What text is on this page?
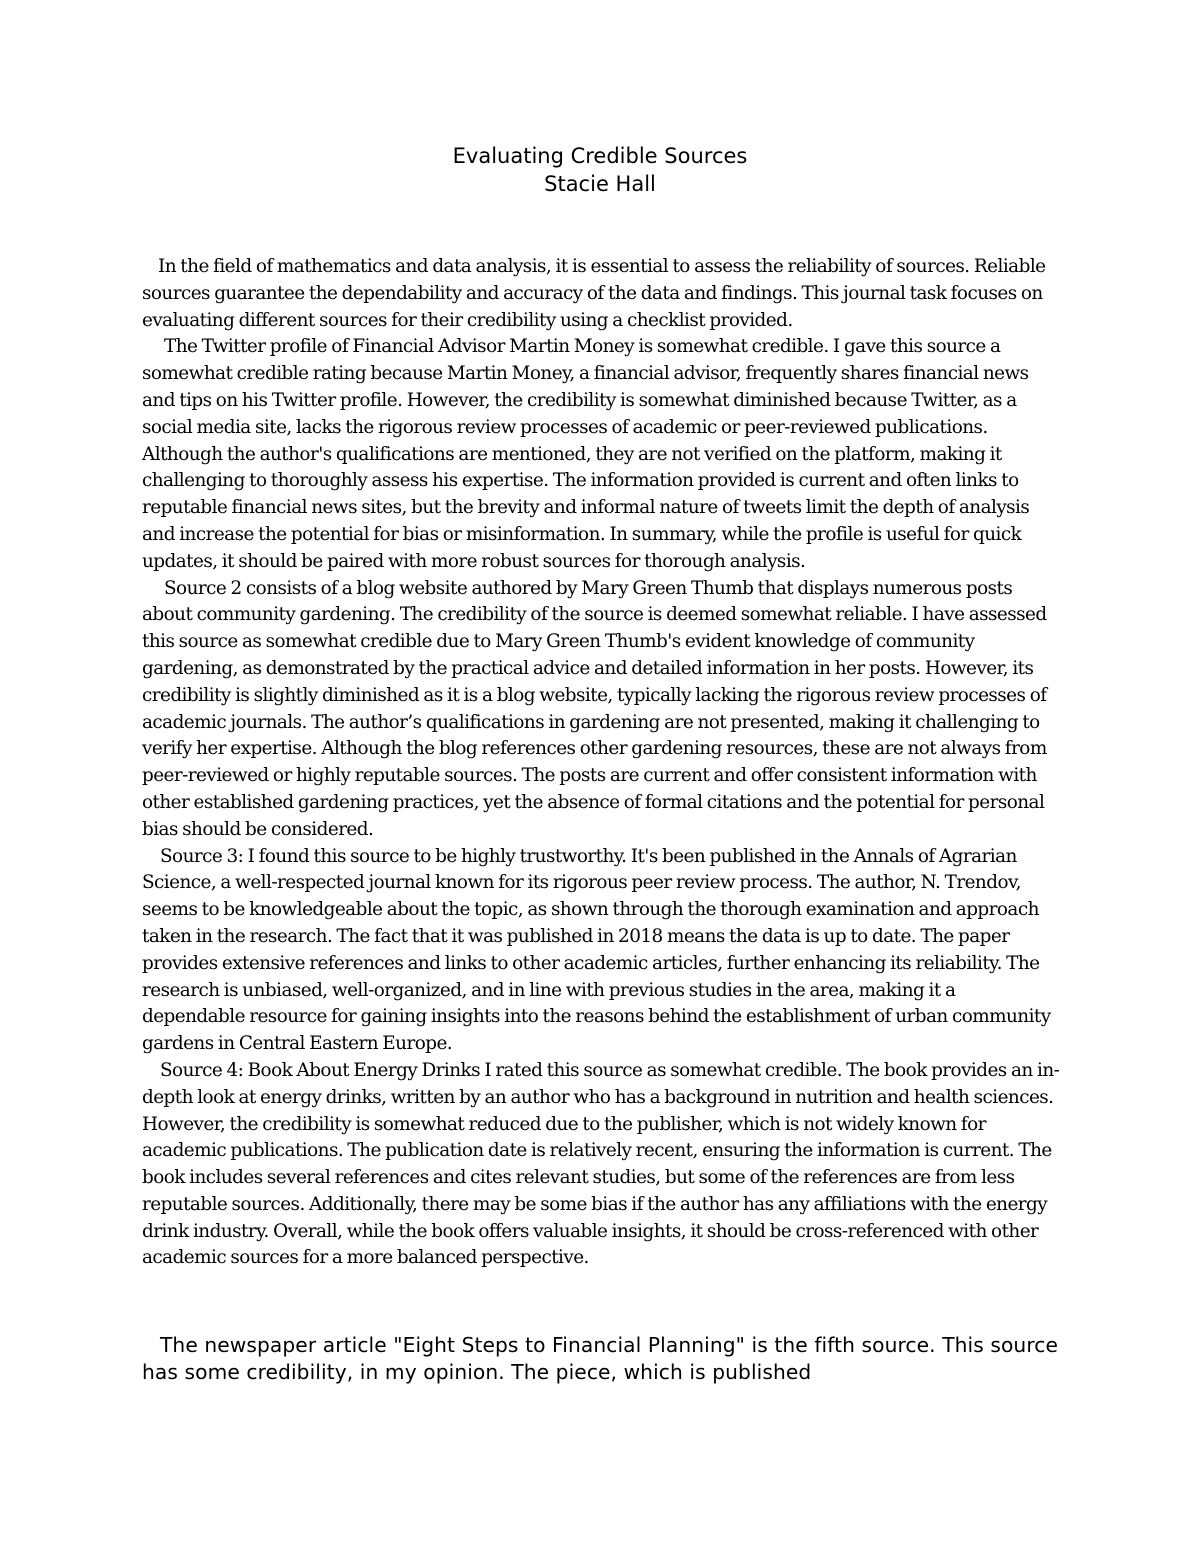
Evaluating Credible Sources
Stacie Hall

In the field of mathematics and data analysis, it is essential to assess the reliability of sources. Reliable sources guarantee the dependability and accuracy of the data and findings. This journal task focuses on evaluating different sources for their credibility using a checklist provided.

The Twitter profile of Financial Advisor Martin Money is somewhat credible. I gave this source a somewhat credible rating because Martin Money, a financial advisor, frequently shares financial news and tips on his Twitter profile. However, the credibility is somewhat diminished because Twitter, as a social media site, lacks the rigorous review processes of academic or peer-reviewed publications. Although the author's qualifications are mentioned, they are not verified on the platform, making it challenging to thoroughly assess his expertise. The information provided is current and often links to reputable financial news sites, but the brevity and informal nature of tweets limit the depth of analysis and increase the potential for bias or misinformation. In summary, while the profile is useful for quick updates, it should be paired with more robust sources for thorough analysis.

Source 2 consists of a blog website authored by Mary Green Thumb that displays numerous posts about community gardening. The credibility of the source is deemed somewhat reliable. I have assessed this source as somewhat credible due to Mary Green Thumb's evident knowledge of community gardening, as demonstrated by the practical advice and detailed information in her posts. However, its credibility is slightly diminished as it is a blog website, typically lacking the rigorous review processes of academic journals. The author’s qualifications in gardening are not presented, making it challenging to verify her expertise. Although the blog references other gardening resources, these are not always from peer-reviewed or highly reputable sources. The posts are current and offer consistent information with other established gardening practices, yet the absence of formal citations and the potential for personal bias should be considered.

Source 3: I found this source to be highly trustworthy. It's been published in the Annals of Agrarian Science, a well-respected journal known for its rigorous peer review process. The author, N. Trendov, seems to be knowledgeable about the topic, as shown through the thorough examination and approach taken in the research. The fact that it was published in 2018 means the data is up to date. The paper provides extensive references and links to other academic articles, further enhancing its reliability. The research is unbiased, well-organized, and in line with previous studies in the area, making it a dependable resource for gaining insights into the reasons behind the establishment of urban community gardens in Central Eastern Europe.

Source 4: Book About Energy Drinks I rated this source as somewhat credible. The book provides an in-depth look at energy drinks, written by an author who has a background in nutrition and health sciences. However, the credibility is somewhat reduced due to the publisher, which is not widely known for academic publications. The publication date is relatively recent, ensuring the information is current. The book includes several references and cites relevant studies, but some of the references are from less reputable sources. Additionally, there may be some bias if the author has any affiliations with the energy drink industry. Overall, while the book offers valuable insights, it should be cross-referenced with other academic sources for a more balanced perspective.

The newspaper article "Eight Steps to Financial Planning" is the fifth source. This source has some credibility, in my opinion. The piece, which is published
